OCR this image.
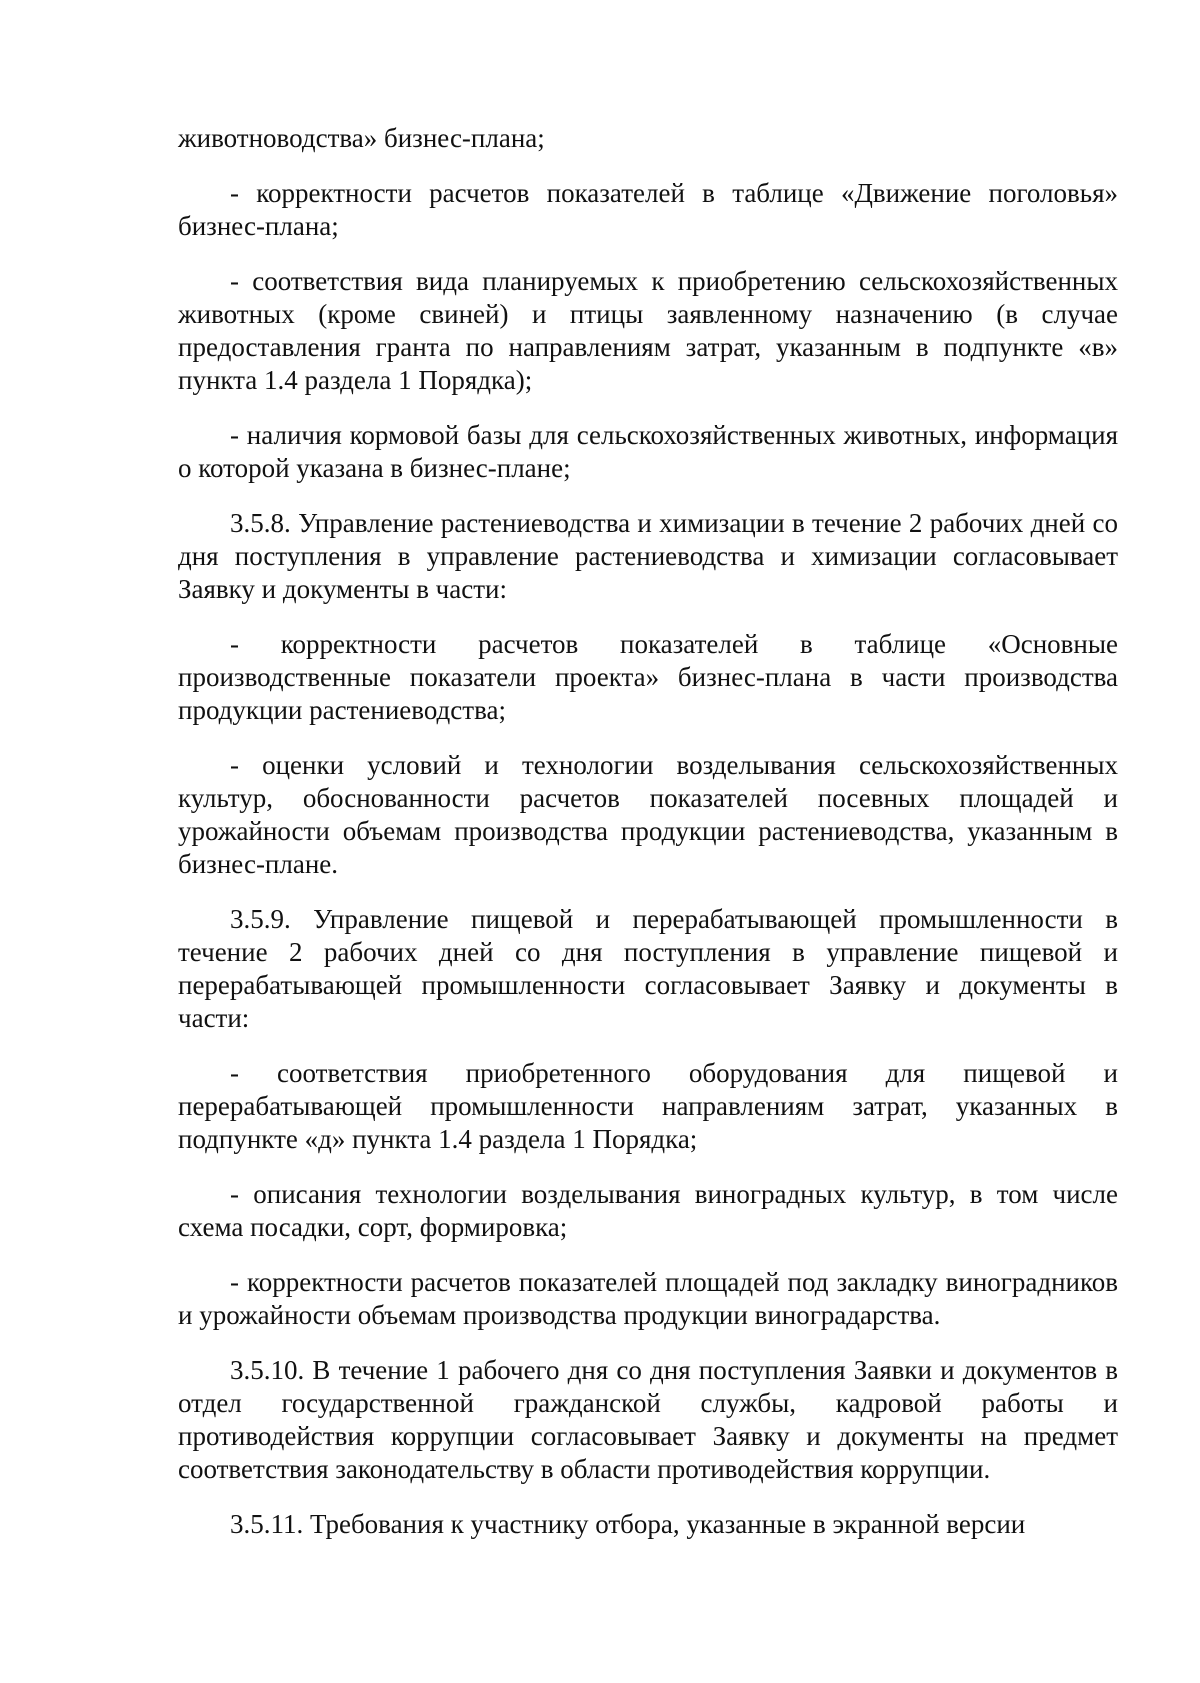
животноводства» бизнес-плана;

- корректности расчетов показателей в таблице «Движение поголовья» бизнес-плана;

- соответствия вида планируемых к приобретению сельскохозяйственных животных (кроме свиней) и птицы заявленному назначению (в случае предоставления гранта по направлениям затрат, указанным в подпункте «в» пункта 1.4 раздела 1 Порядка);

- наличия кормовой базы для сельскохозяйственных животных, информация о которой указана в бизнес-плане;

3.5.8. Управление растениеводства и химизации в течение 2 рабочих дней со дня поступления в управление растениеводства и химизации согласовывает Заявку и документы в части:

- корректности расчетов показателей в таблице «Основные производственные показатели проекта» бизнес-плана в части производства продукции растениеводства;

- оценки условий и технологии возделывания сельскохозяйственных культур, обоснованности расчетов показателей посевных площадей и урожайности объемам производства продукции растениеводства, указанным в бизнес-плане.

3.5.9. Управление пищевой и перерабатывающей промышленности в течение 2 рабочих дней со дня поступления в управление пищевой и перерабатывающей промышленности согласовывает Заявку и документы в части:

- соответствия приобретенного оборудования для пищевой и перерабатывающей промышленности направлениям затрат, указанных в подпункте «д» пункта 1.4 раздела 1 Порядка;

- описания технологии возделывания виноградных культур, в том числе схема посадки, сорт, формировка;

- корректности расчетов показателей площадей под закладку виноградников и урожайности объемам производства продукции виноградарства.

3.5.10. В течение 1 рабочего дня со дня поступления Заявки и документов в отдел государственной гражданской службы, кадровой работы и противодействия коррупции согласовывает Заявку и документы на предмет соответствия законодательству в области противодействия коррупции.

3.5.11. Требования к участнику отбора, указанные в экранной версии
